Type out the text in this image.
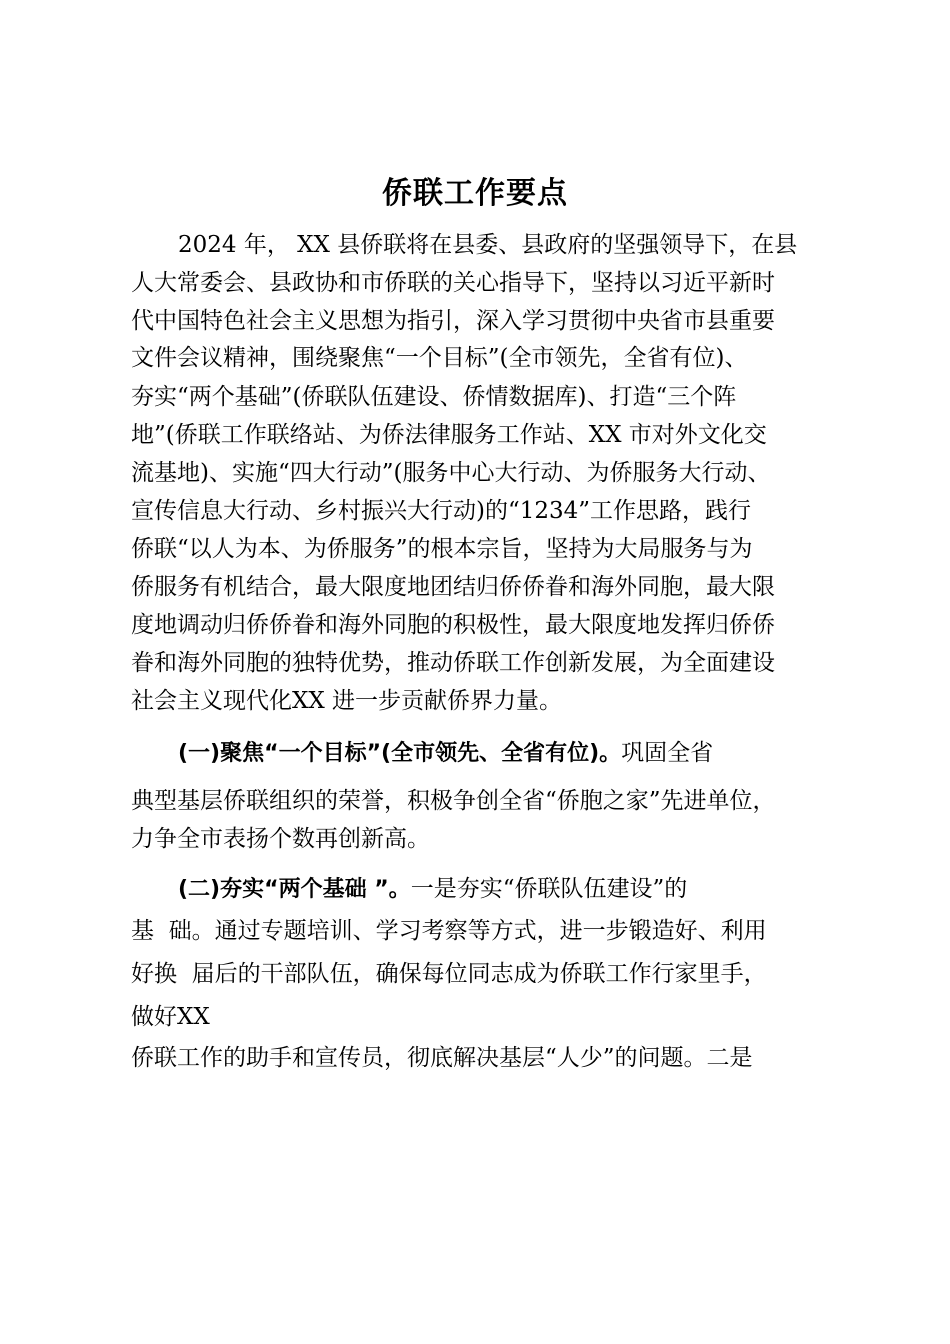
侨联工作要点

2024 年， XX 县侨联将在县委、县政府的坚强领导下，在县

人大常委会、县政协和市侨联的关心指导下，坚持以习近平新时

代中国特色社会主义思想为指引，深入学习贯彻中央省市县重要

文件会议精神，围绕聚焦“一个目标”(全市领先，全省有位)、

夯实“两个基础”(侨联队伍建设、侨情数据库)、打造“三个阵

地”(侨联工作联络站、为侨法律服务工作站、XX 市对外文化交

流基地)、实施“四大行动”(服务中心大行动、为侨服务大行动、

宣传信息大行动、乡村振兴大行动)的“1234”工作思路，践行

侨联“以人为本、为侨服务”的根本宗旨，坚持为大局服务与为

侨服务有机结合，最大限度地团结归侨侨眷和海外同胞，最大限

度地调动归侨侨眷和海外同胞的积极性，最大限度地发挥归侨侨

眷和海外同胞的独特优势，推动侨联工作创新发展，为全面建设

社会主义现代化XX 进一步贡献侨界力量。

(一)聚焦“一个目标”(全市领先、全省有位)。巩固全省

典型基层侨联组织的荣誉，积极争创全省“侨胞之家”先进单位，

力争全市表扬个数再创新高。

(二)夯实“两个基础 ”。一是夯实“侨联队伍建设”的

基  础。通过专题培训、学习考察等方式，进一步锻造好、利用

好换  届后的干部队伍，确保每位同志成为侨联工作行家里手，

做好XX

侨联工作的助手和宣传员，彻底解决基层“人少”的问题。二是
